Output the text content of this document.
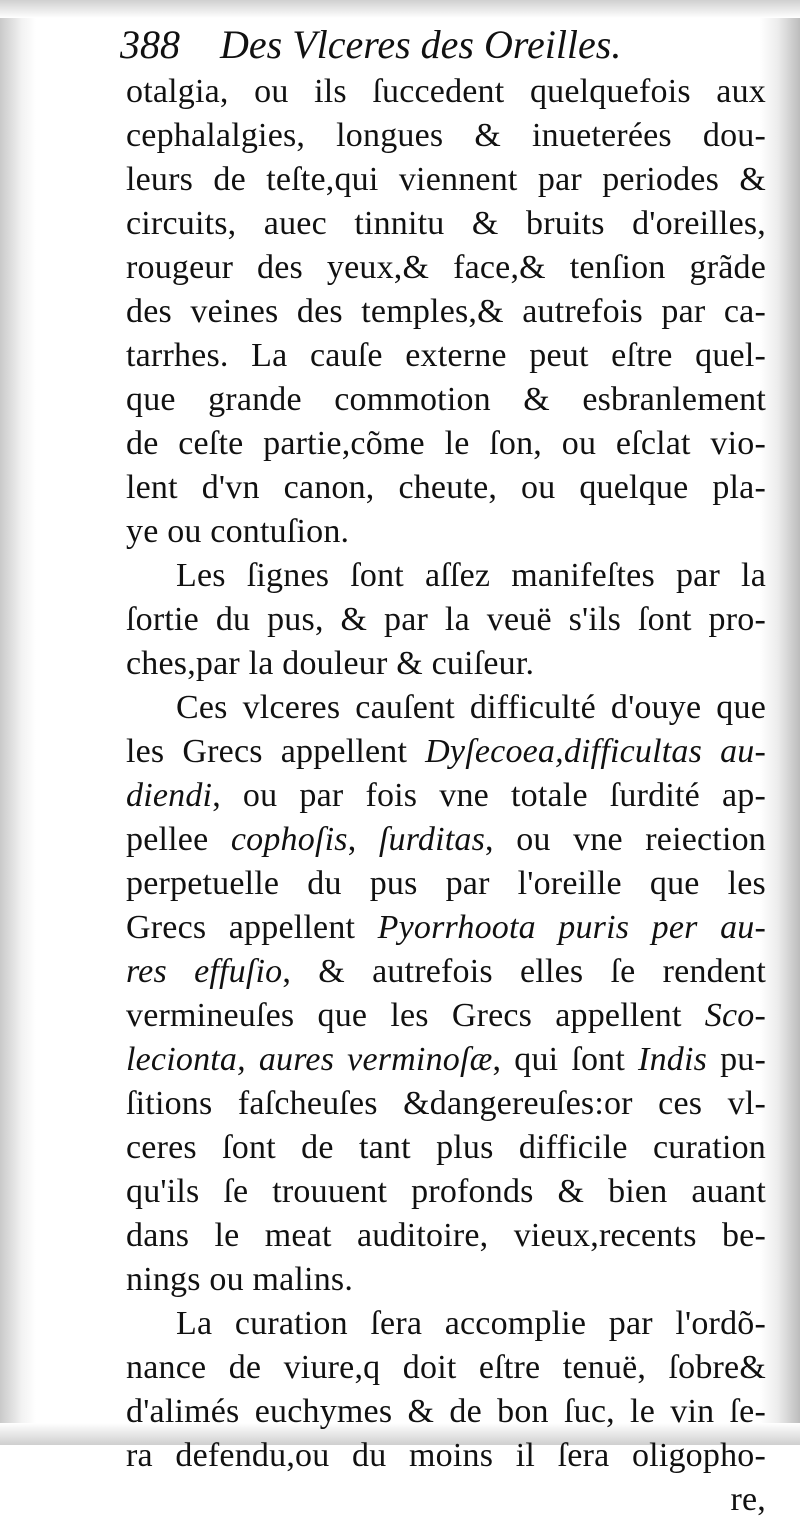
388 Des Vlceres des Oreilles.
otalgia, ou ils ſuccedent quelquefois aux
cephalalgies, longues & inueterées dou-
leurs de teſte,qui viennent par periodes &
circuits, auec tinnitu & bruits d'oreilles,
rougeur des yeux,& face,& tenſion grãde
des veines des temples,& autrefois par ca-
tarrhes. La cauſe externe peut eſtre quel-
que grande commotion & esbranlement
de ceſte partie,cõme le ſon, ou eſclat vio-
lent d'vn canon, cheute, ou quelque pla-
ye ou contuſion.
Les ſignes ſont aſſez manifeſtes par la
ſortie du pus, & par la veuë s'ils ſont pro-
ches,par la douleur & cuiſeur.
Ces vlceres cauſent difficulté d'ouye que
les Grecs appellent Dyſecoea,difficultas au-
diendi, ou par fois vne totale ſurdité ap-
pellee cophoſis, ſurditas, ou vne reiection
perpetuelle du pus par l'oreille que les
Grecs appellent Pyorrhoota puris per au-
res effuſio, & autrefois elles ſe rendent
vermineuſes que les Grecs appellent Sco-
lecionta, aures verminoſæ, qui ſont Indis pu-
ſitions faſcheuſes &dangereuſes:or ces vl-
ceres ſont de tant plus difficile curation
qu'ils ſe trouuent profonds & bien auant
dans le meat auditoire, vieux,recents be-
nings ou malins.
La curation ſera accomplie par l'ordõ-
nance de viure,q doit eſtre tenuë, ſobre&
d'alimés euchymes & de bon ſuc, le vin ſe-
ra defendu,ou du moins il ſera oligopho-
re,
